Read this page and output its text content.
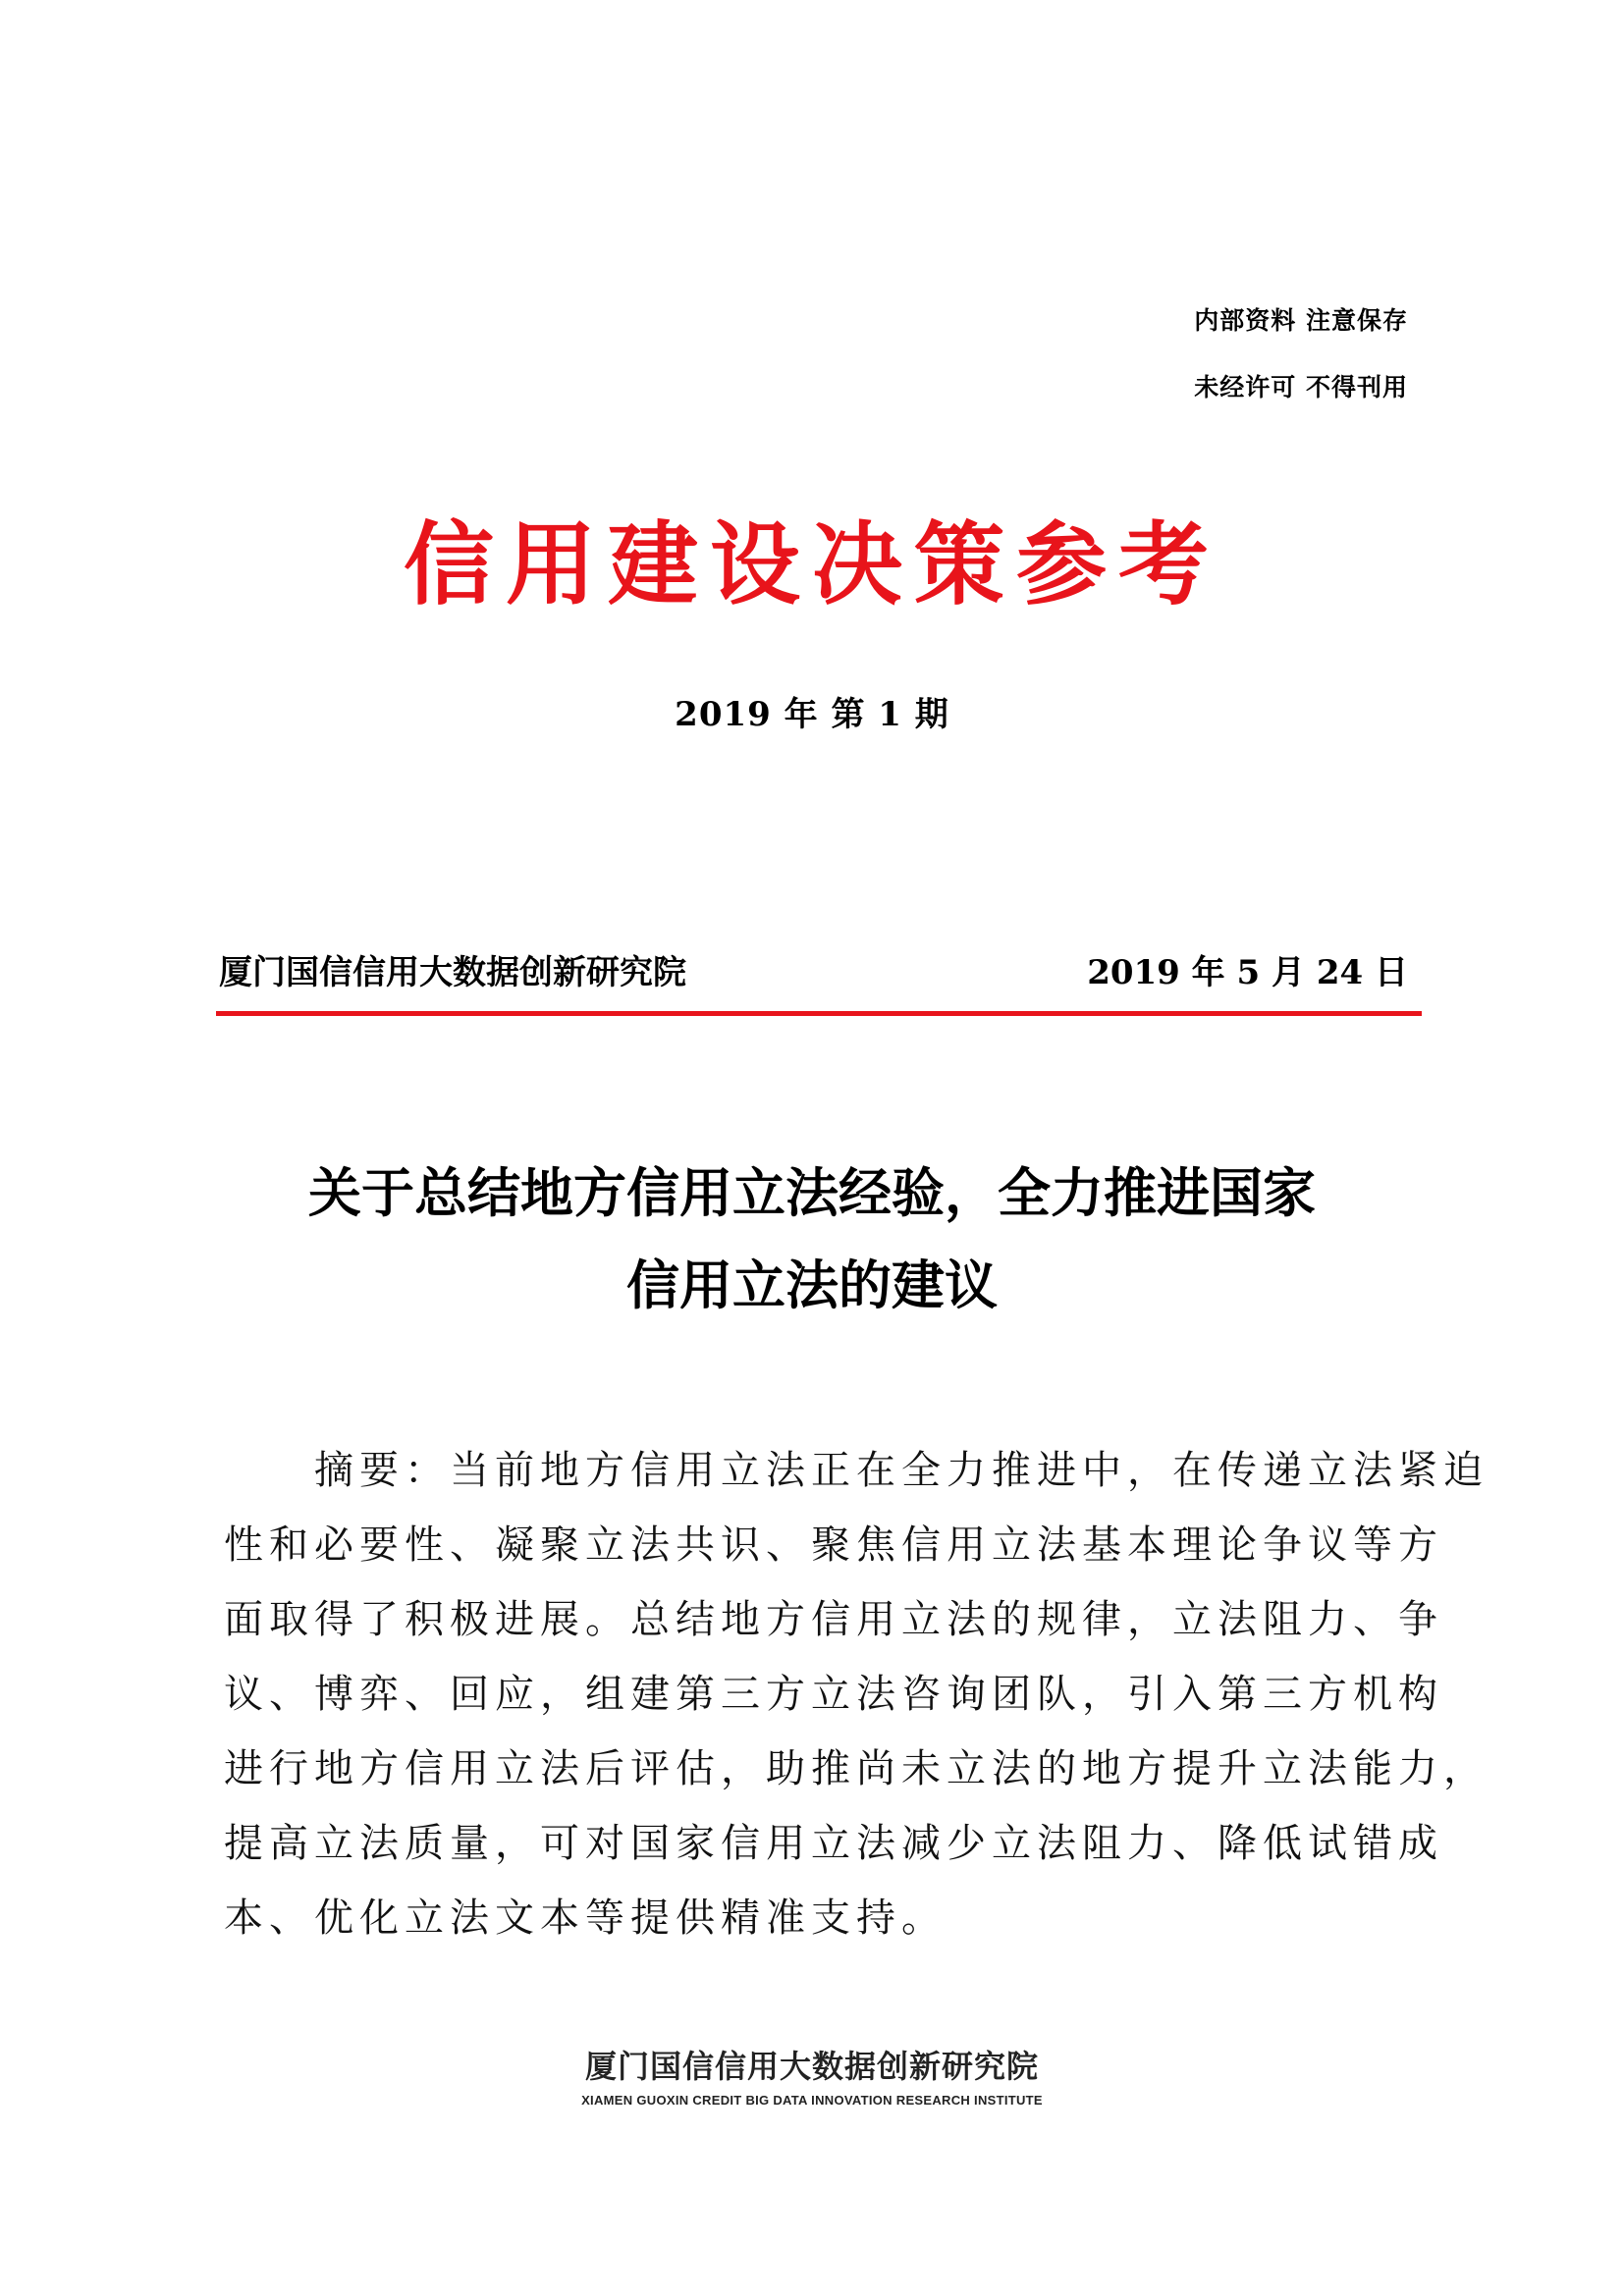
内部资料 注意保存
未经许可 不得刊用
信用建设决策参考
2019 年 第 1 期
厦门国信信用大数据创新研究院	2019 年 5 月 24 日
关于总结地方信用立法经验，全力推进国家
信用立法的建议
　　摘要：当前地方信用立法正在全力推进中，在传递立法紧迫
性和必要性、凝聚立法共识、聚焦信用立法基本理论争议等方
面取得了积极进展。总结地方信用立法的规律，立法阻力、争
议、博弈、回应，组建第三方立法咨询团队，引入第三方机构
进行地方信用立法后评估，助推尚未立法的地方提升立法能力，
提高立法质量，可对国家信用立法减少立法阻力、降低试错成
本、优化立法文本等提供精准支持。
厦门国信信用大数据创新研究院
XIAMEN GUOXIN CREDIT BIG DATA INNOVATION RESEARCH INSTITUTE
